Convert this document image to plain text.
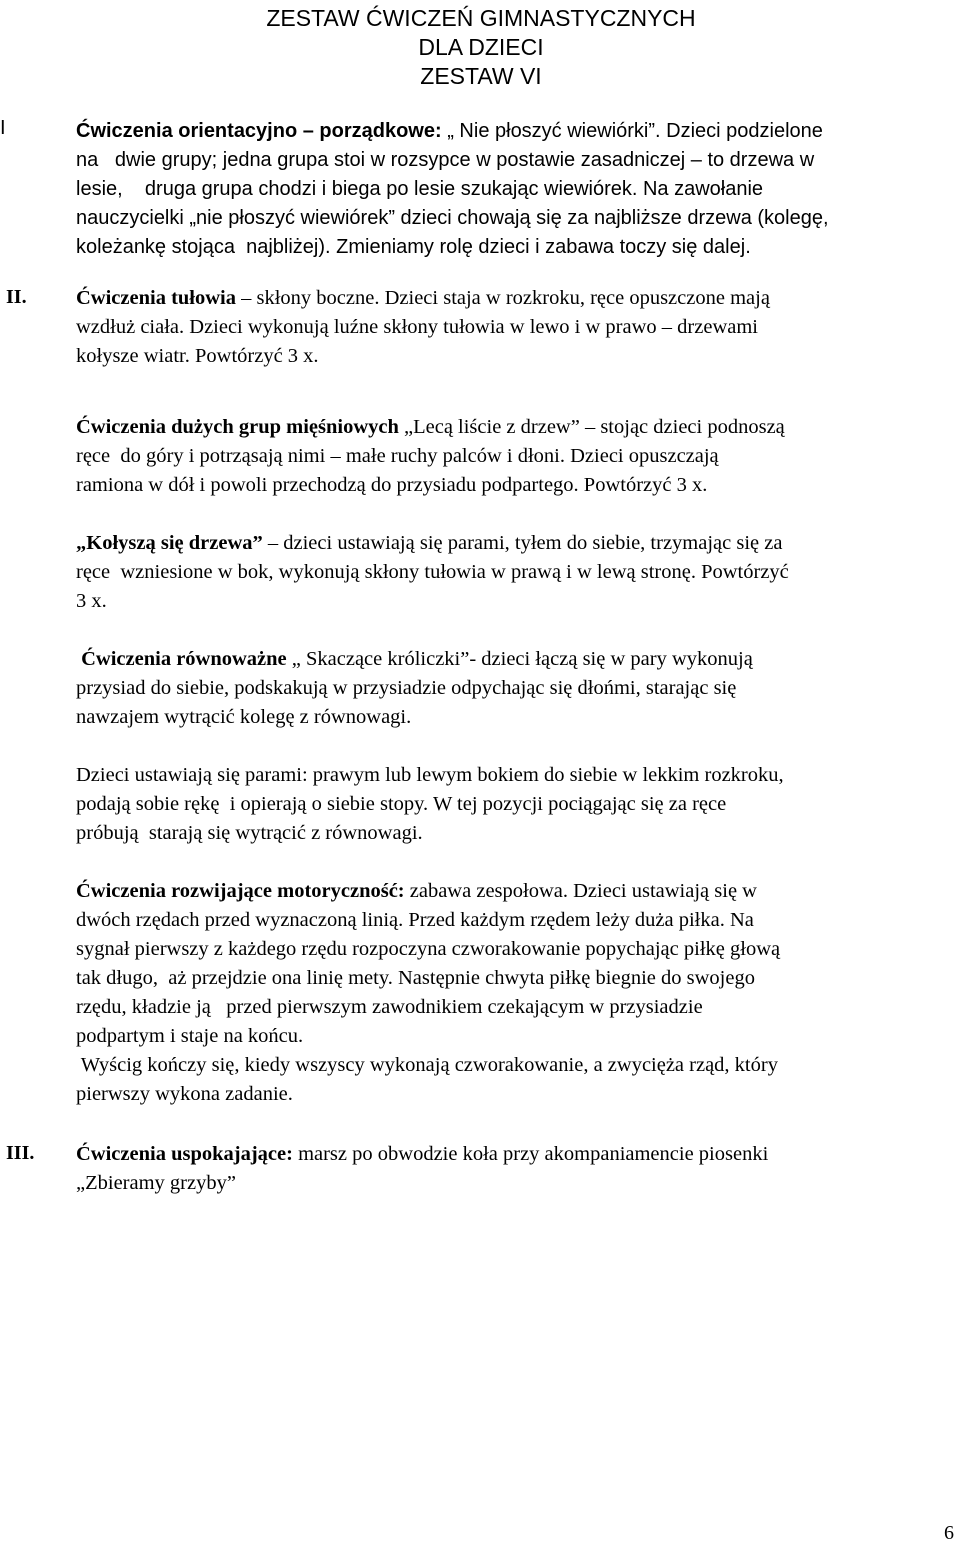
ZESTAW ĆWICZEŃ GIMNASTYCZNYCH
DLA DZIECI
ZESTAW VI
I	Ćwiczenia orientacyjno – porządkowe: „ Nie płoszyć wiewiórki”. Dzieci podzielone
na   dwie grupy; jedna grupa stoi w rozsypce w postawie zasadniczej – to drzewa w
lesie,    druga grupa chodzi i biega po lesie szukając wiewiórek. Na zawołanie
nauczycielki „nie płoszyć wiewiórek” dzieci chowają się za najbliższe drzewa (kolegę,
koleżankę stojąca  najbliżej). Zmieniamy rolę dzieci i zabawa toczy się dalej.
II. Ćwiczenia tułowia – skłony boczne. Dzieci staja w rozkroku, ręce opuszczone mają
wzdłuż ciała. Dzieci wykonują luźne skłony tułowia w lewo i w prawo – drzewami
kołysze wiatr. Powtórzyć 3 x.
Ćwiczenia dużych grup mięśniowych „Lecą liście z drzew” – stojąc dzieci podnoszą
ręce  do góry i potrząsają nimi – małe ruchy palców i dłoni. Dzieci opuszczają
ramiona w dół i powoli przechodzą do przysiadu podpartego. Powtórzyć 3 x.
„Kołyszą się drzewa” – dzieci ustawiają się parami, tyłem do siebie, trzymając się za
ręce  wzniesione w bok, wykonują skłony tułowia w prawą i w lewą stronę. Powtórzyć
3 x.
Ćwiczenia równoważne „ Skaczące króliczki”- dzieci łączą się w pary wykonują
przysiad do siebie, podskakują w przysiadzie odpychając się dłońmi, starając się
nawzajem wytrącić kolegę z równowagi.
Dzieci ustawiają się parami: prawym lub lewym bokiem do siebie w lekkim rozkroku,
podają sobie rękę  i opierają o siebie stopy. W tej pozycji pociągając się za ręce
próbują  starają się wytrącić z równowagi.
Ćwiczenia rozwijające motoryczność: zabawa zespołowa. Dzieci ustawiają się w
dwóch rzędach przed wyznaczoną linią. Przed każdym rzędem leży duża piłka. Na
sygnał pierwszy z każdego rzędu rozpoczyna czworakowanie popychając piłkę głową
tak długo,  aż przejdzie ona linię mety. Następnie chwyta piłkę biegnie do swojego
rzędu, kładzie ją   przed pierwszym zawodnikiem czekającym w przysiadzie
podpartym i staje na końcu.
Wyścig kończy się, kiedy wszyscy wykonają czworakowanie, a zwycięża rząd, który
pierwszy wykona zadanie.
III. Ćwiczenia uspokajające: marsz po obwodzie koła przy akompaniamencie piosenki
„Zbieramy grzyby”
6
